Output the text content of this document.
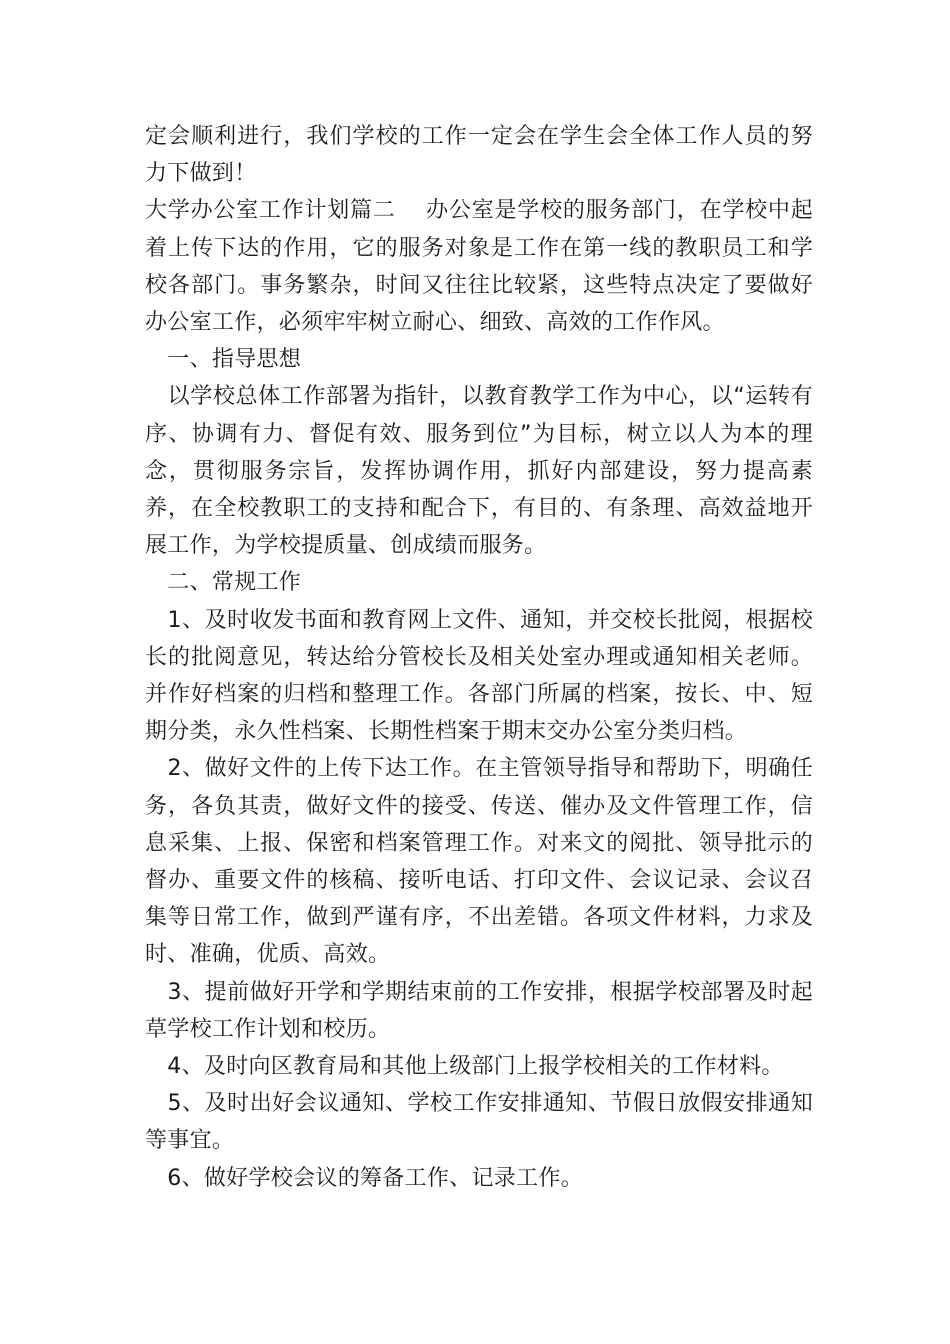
定会顺利进行，我们学校的工作一定会在学生会全体工作人员的努力下做到！

大学办公室工作计划篇二　 办公室是学校的服务部门，在学校中起着上传下达的作用，它的服务对象是工作在第一线的教职员工和学校各部门。事务繁杂，时间又往往比较紧，这些特点决定了要做好办公室工作，必须牢牢树立耐心、细致、高效的工作作风。

　一、指导思想

　以学校总体工作部署为指针，以教育教学工作为中心，以“运转有序、协调有力、督促有效、服务到位”为目标，树立以人为本的理念，贯彻服务宗旨，发挥协调作用，抓好内部建设，努力提高素养，在全校教职工的支持和配合下，有目的、有条理、高效益地开展工作，为学校提质量、创成绩而服务。

　二、常规工作

　1、及时收发书面和教育网上文件、通知，并交校长批阅，根据校长的批阅意见，转达给分管校长及相关处室办理或通知相关老师。并作好档案的归档和整理工作。各部门所属的档案，按长、中、短期分类，永久性档案、长期性档案于期末交办公室分类归档。

　2、做好文件的上传下达工作。在主管领导指导和帮助下，明确任务，各负其责，做好文件的接受、传送、催办及文件管理工作，信息采集、上报、保密和档案管理工作。对来文的阅批、领导批示的督办、重要文件的核稿、接听电话、打印文件、会议记录、会议召集等日常工作，做到严谨有序，不出差错。各项文件材料，力求及时、准确，优质、高效。

　3、提前做好开学和学期结束前的工作安排，根据学校部署及时起草学校工作计划和校历。

　4、及时向区教育局和其他上级部门上报学校相关的工作材料。

　5、及时出好会议通知、学校工作安排通知、节假日放假安排通知等事宜。

　6、做好学校会议的筹备工作、记录工作。
